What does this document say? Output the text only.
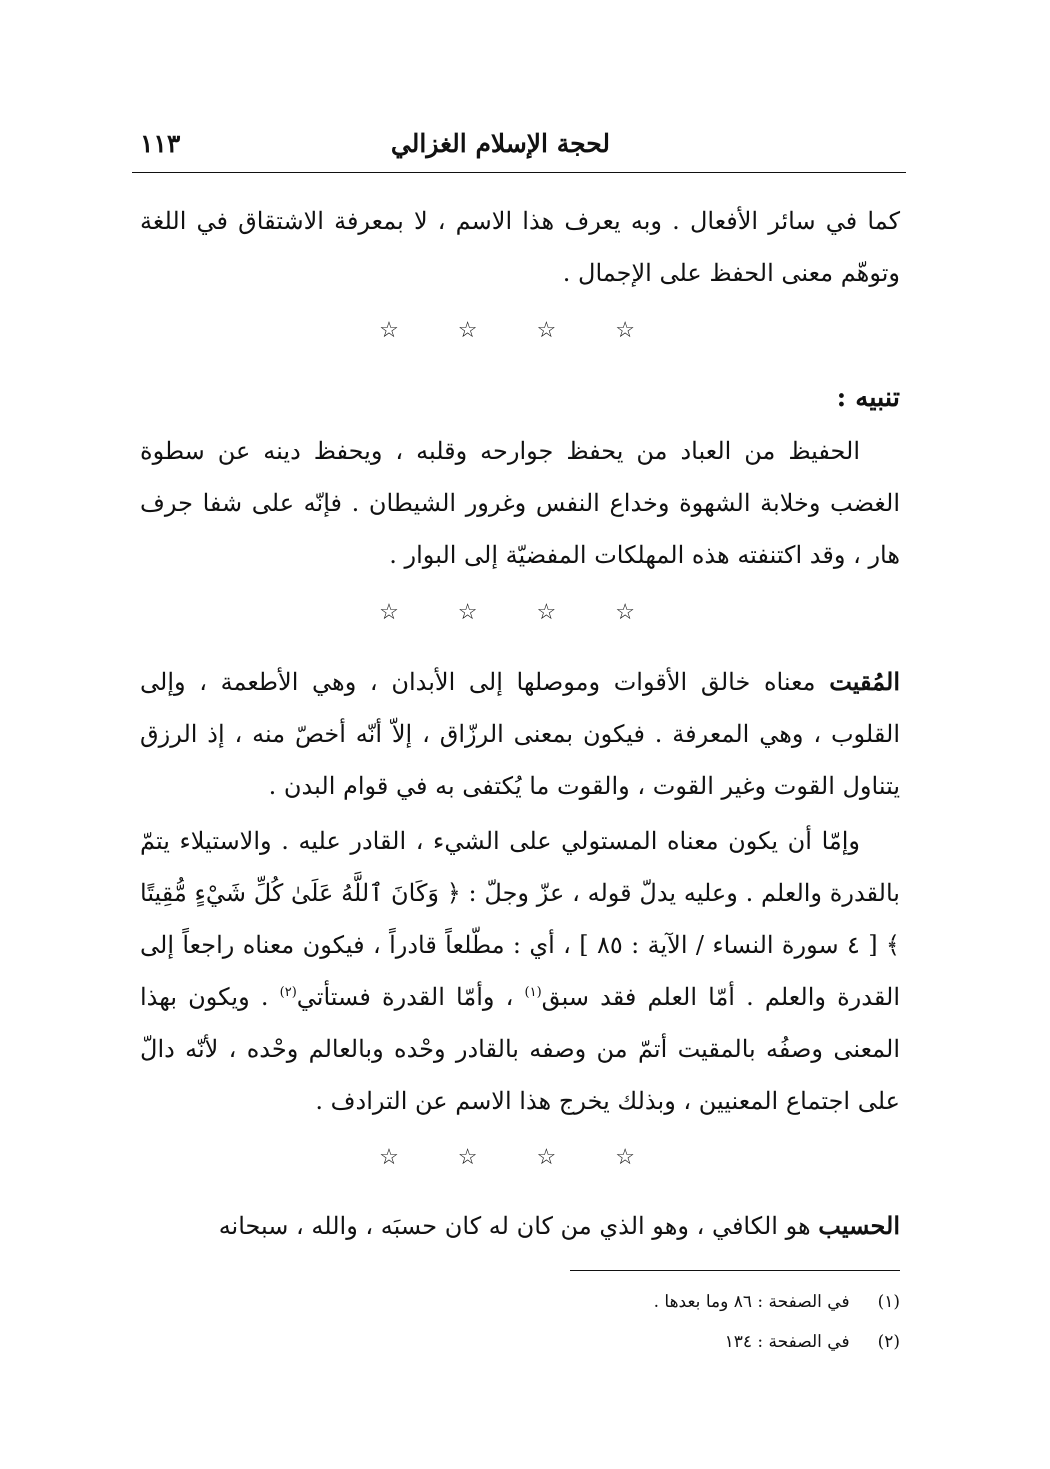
لحجة الإسلام الغزالي
١١٣

كما في سائر الأفعال . وبه يعرف هذا الاسم ، لا بمعرفة الاشتقاق في اللغة وتوهّم معنى الحفظ على الإجمال .

☆ ☆ ☆ ☆
تنبيه :

الحفيظ من العباد من يحفظ جوارحه وقلبه ، ويحفظ دينه عن سطوة الغضب وخلابة الشهوة وخداع النفس وغرور الشيطان . فإنّه على شفا جرف هار ، وقد اكتنفته هذه المهلكات المفضيّة إلى البوار .

☆ ☆ ☆ ☆

المُقيت معناه خالق الأقوات وموصلها إلى الأبدان ، وهي الأطعمة ، وإلى القلوب ، وهي المعرفة . فيكون بمعنى الرزّاق ، إلاّ أنّه أخصّ منه ، إذ الرزق يتناول القوت وغير القوت ، والقوت ما يُكتفى به في قوام البدن .

وإمّا أن يكون معناه المستولي على الشيء ، القادر عليه . والاستيلاء يتمّ بالقدرة والعلم . وعليه يدلّ قوله ، عزّ وجلّ : ﴿ وَكَانَ ٱللَّهُ عَلَىٰ كُلِّ شَيْءٍ مُّقِيتًا ﴾ [ ٤ سورة النساء / الآية : ٨٥ ] ، أي : مطّلعاً قادراً ، فيكون معناه راجعاً إلى القدرة والعلم . أمّا العلم فقد سبق$^{(١)}$ ، وأمّا القدرة فستأتي$^{(٢)}$ . ويكون بهذا المعنى وصفُه بالمقيت أتمّ من وصفه بالقادر وحْده وبالعالم وحْده ، لأنّه دالّ على اجتماع المعنيين ، وبذلك يخرج هذا الاسم عن الترادف .

☆ ☆ ☆ ☆

الحسيب هو الكافي ، وهو الذي من كان له كان حسبَه ، والله ، سبحانه

(١)
في الصفحة : ٨٦ وما بعدها .
(٢)
في الصفحة : ١٣٤
